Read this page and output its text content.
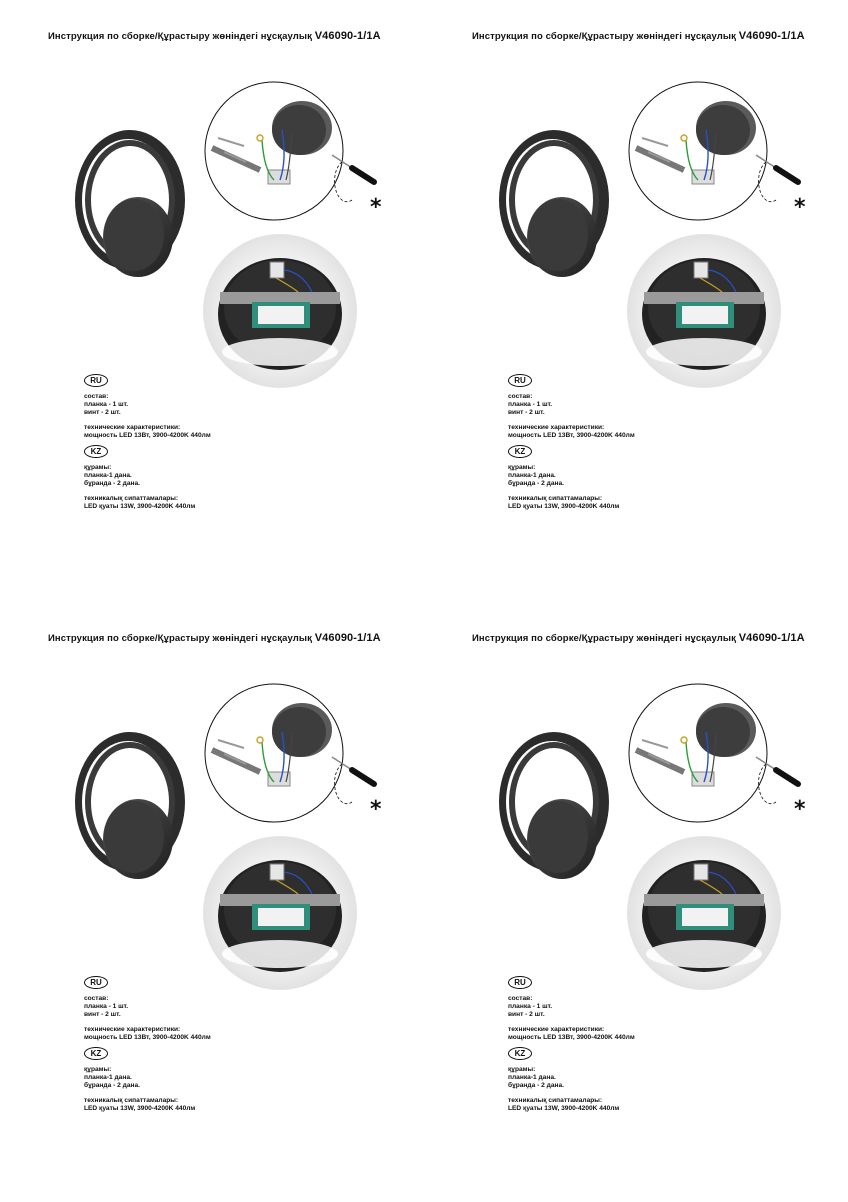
Инструкция по сборке/Құрастыру жөніндегі нұсқаулық V46090-1/1A
*
RU
состав:
планка - 1 шт.
винт - 2 шт.
технические характеристики:
мощность LED 13Вт, 3900-4200K 440лм
KZ
құрамы:
планка-1 дана.
бұранда - 2 дана.
техникалық сипаттамалары:
LED қуаты 13W, 3900-4200K 440лм
Инструкция по сборке/Құрастыру жөніндегі нұсқаулық V46090-1/1A
*
RU
состав:
планка - 1 шт.
винт - 2 шт.
технические характеристики:
мощность LED 13Вт, 3900-4200K 440лм
KZ
құрамы:
планка-1 дана.
бұранда - 2 дана.
техникалық сипаттамалары:
LED қуаты 13W, 3900-4200K 440лм
Инструкция по сборке/Құрастыру жөніндегі нұсқаулық V46090-1/1A
*
RU
состав:
планка - 1 шт.
винт - 2 шт.
технические характеристики:
мощность LED 13Вт, 3900-4200K 440лм
KZ
құрамы:
планка-1 дана.
бұранда - 2 дана.
техникалық сипаттамалары:
LED қуаты 13W, 3900-4200K 440лм
Инструкция по сборке/Құрастыру жөніндегі нұсқаулық V46090-1/1A
*
RU
состав:
планка - 1 шт.
винт - 2 шт.
технические характеристики:
мощность LED 13Вт, 3900-4200K 440лм
KZ
құрамы:
планка-1 дана.
бұранда - 2 дана.
техникалық сипаттамалары:
LED қуаты 13W, 3900-4200K 440лм
